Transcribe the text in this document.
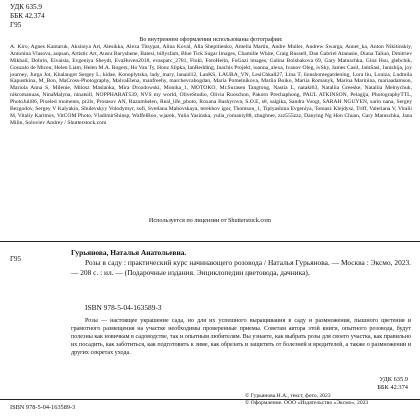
УДК 635.9
ББК 42.374
Г95
Во внутреннем оформлении использованы фотографии:
A. Kiro, Agnes Kantaruk, Aksiniya Art, Alesikka, Alexa Titsypat, Alina Koval, Alla Shepitienko, Amelia Martin, Andre Muller, Andrew Swarga, Annet_ka, Anton Nikitinskiy, Antonina Vlasova, aopsan, Artistic Art, Ausra Baryshene, Batesi, billysfam, Blue Tick Sugar Images, Chamille White, Craig Russell, Dan Gabriel Atanasie, Diana Taliun, Dmitriev Mikhail, Dobrin, Eivaisla, Evgeniya Sheydt, EvaHuven2018, evasparc_2781, Floki, FotoHelin, FuGazi images, Galina Bolshakova 69, Gary Matuschka, Gina Hsu, glebchik, Gonzalo de Miceu, Helen Liam, Helen M.A. Rogers, Ho Van Ty, Honz Slipka, IanRedding, Inachis Projekt, ioanna_alexa, Ivanov Oleg, ivSky, James Casil, JamSasi, Janishija, joy journey, Jurga Jot, Khalangot Sergey L, kidae, Konoplytska, lady_mary, lanaid12, LanKS, LAURA_VN, LesiChkall27, Lina T, lionshomegardening, Lora liu, Louiza, Ludmila Kapustkina, M_Bon, MaCross-Photography, MalvaElena, manfreehy, marchevcabogdan, Maria Pomelnikova, Mariia Boiko, Mariia Romanyk, Marina Marinina, mariaadamson, Mariola Anna S, Milenie, Milosz Maslanka, Mira Drozdowski, Monika_1, MOTOKO, Mr.Surasen Tangtong, Nastia L, natakl63, Nataliia Greeske, Nataliia Melnychuk, nikromanuas, NinaMalyna, ninatsill, NOPPHARAT539, NVS my world, OliveStudio, Olivia Ruoschon, Pakorn Prechaphong, PAUL ATKINSON, Pelagija, PhotographyTTL, PhotoJuli86, Pixeled moments, pr2is, Protasov AN, Razumhelen, Real_life_photo, Roxana Bashyrova, S.O.E, s8, salgika, Sandra Voogt, SARAH NGUYEN, sarin nana, Sergey Bezgodov, Sergey V Kalyakin, Shulevskyy Volodymyr, sofi, Svetlana Mahovskaya, terekhov igor, Thomson_1, Tiplyashina Evgeniya, Tomasz Klejdysz, Triff, Valeriana V, Vitalii M, Vitaliy Karimov, VitCOM Photo, VladimirShinsp, WaffelBoo, wjarek, Yulia Yasinska, yulia_romaniy88, zhughner, zzz555zzz, Danying Ng Hon Chuan, Gary Matuschka, Jana Milin, Soloviev Andrey / Shutterstock.com
Используется по лицензии от Shutterstock.com
Г95
Гурьянова, Наталья Анатольевна.
Розы в саду : практический курс начинающего розовода / Наталья Гурьянова. — Москва : Эксмо, 2023. — 208 с. : ил. — (Подарочные издания. Энциклопедии цветовода, дачника).
ISBN 978-5-04-163589-3
Розы — настоящее украшение сада, но для их успешного выращивания в саду и размножения, пышного цветения и грамотного размещения на участке необходимы проверенные приемы. Советам автора этой книги, опытного розовода, будут полезны как новичкам в садоводстве, так и опытным любителям. Вы узнаете, как выбрать розы для своего участка, как правильно их посадить, как заботиться, как подготовить к зиме, как обрезать и защитить от болезней и вредителей, а также о размножении и других секретах ухода.
УДК 635.9
ББК 42.374
ISBN 978-5-04-163589-3
© Гурьянова Н.А., текст, фото, 2023
© Оформление. ООО «Издательство «Эксмо», 2023
